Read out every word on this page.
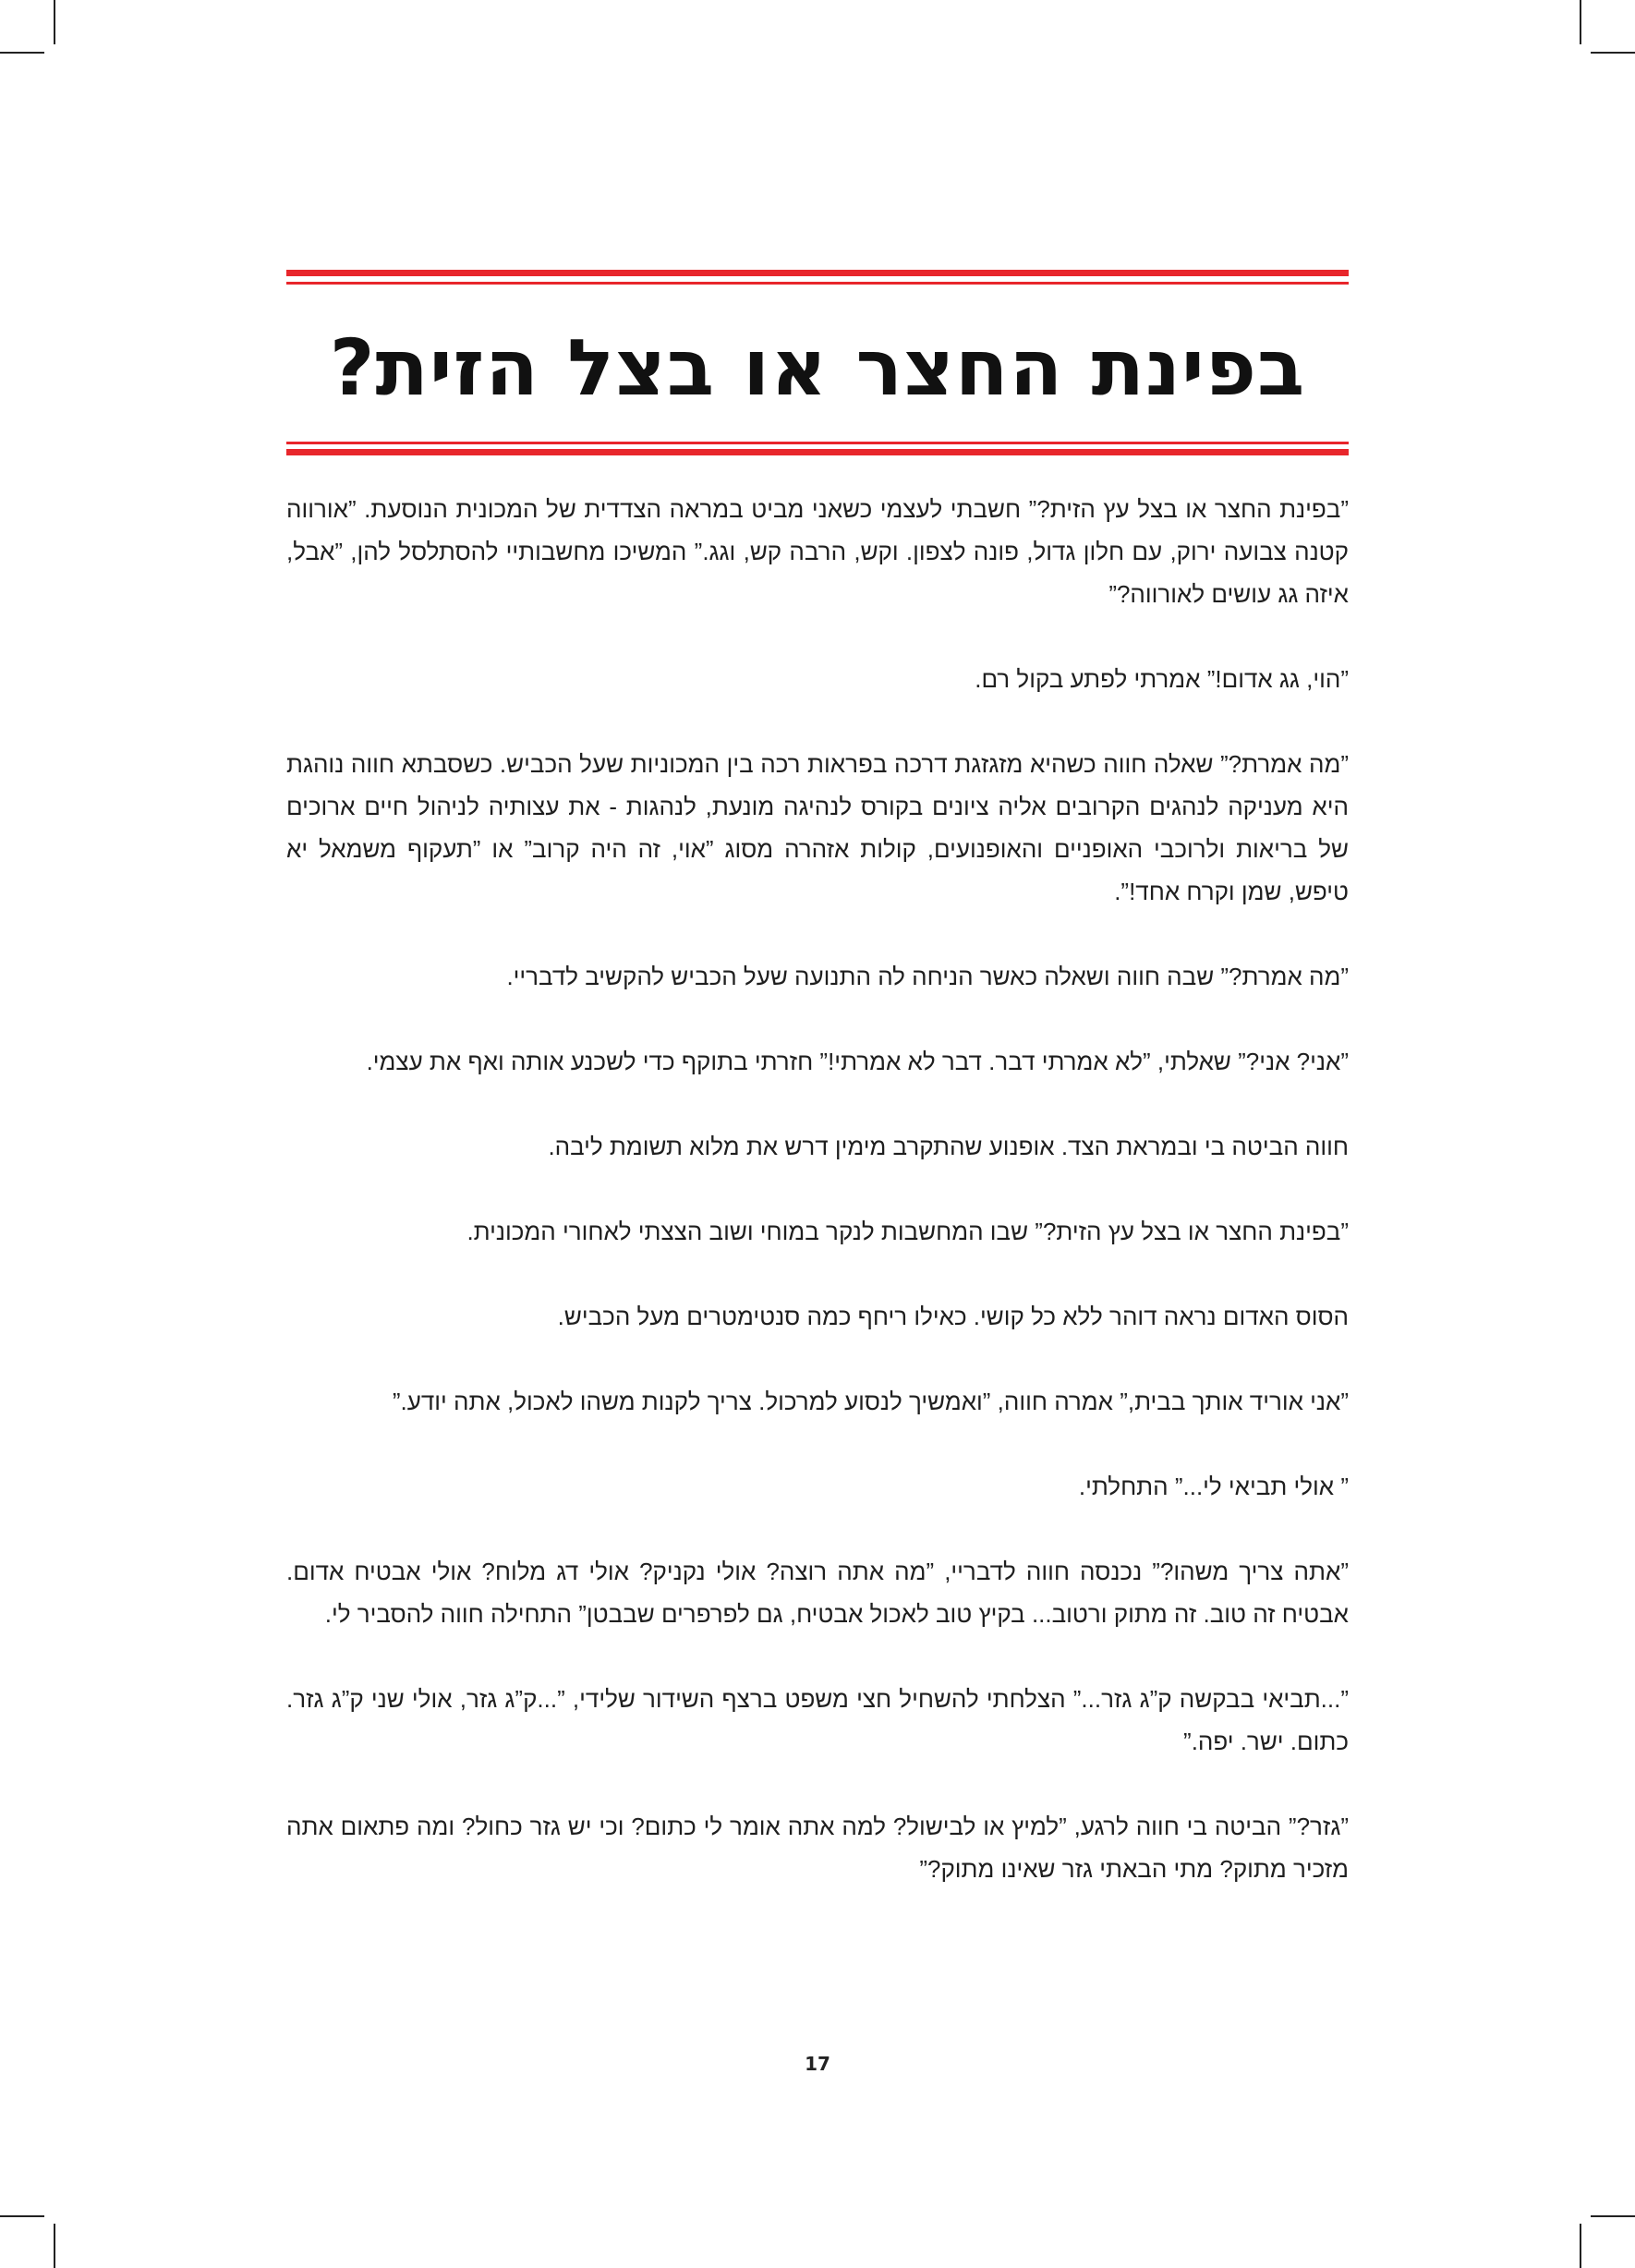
בפינת החצר או בצל הזית?

”בפינת החצר או בצל עץ הזית?” חשבתי לעצמי כשאני מביט במראה הצדדית של המכונית הנוסעת. ”אורווה קטנה צבועה ירוק, עם חלון גדול, פונה לצפון. וקש, הרבה קש, וגג.” המשיכו מחשבותיי להסתלסל להן, ”אבל, איזה גג עושים לאורווה?”

”הוי, גג אדום!” אמרתי לפתע בקול רם.

”מה אמרת?” שאלה חווה כשהיא מזגזגת דרכה בפראות רכה בין המכוניות שעל הכביש. כשסבתא חווה נוהגת היא מעניקה לנהגים הקרובים אליה ציונים בקורס לנהיגה מונעת, לנהגות - את עצותיה לניהול חיים ארוכים של בריאות ולרוכבי האופניים והאופנועים, קולות אזהרה מסוג ”אוי, זה היה קרוב” או ”תעקוף משמאל יא טיפש, שמן וקרח אחד!”.

”מה אמרת?” שבה חווה ושאלה כאשר הניחה לה התנועה שעל הכביש להקשיב לדבריי.

”אני? אני?” שאלתי, ”לא אמרתי דבר. דבר לא אמרתי!” חזרתי בתוקף כדי לשכנע אותה ואף את עצמי.

חווה הביטה בי ובמראת הצד. אופנוע שהתקרב מימין דרש את מלוא תשומת ליבה.

”בפינת החצר או בצל עץ הזית?” שבו המחשבות לנקר במוחי ושוב הצצתי לאחורי המכונית.

הסוס האדום נראה דוהר ללא כל קושי. כאילו ריחף כמה סנטימטרים מעל הכביש.

”אני אוריד אותך בבית,” אמרה חווה, ”ואמשיך לנסוע למרכול. צריך לקנות משהו לאכול, אתה יודע.”

” אולי תביאי לי...” התחלתי.

”אתה צריך משהו?” נכנסה חווה לדבריי, ”מה אתה רוצה? אולי נקניק? אולי דג מלוח? אולי אבטיח אדום. אבטיח זה טוב. זה מתוק ורטוב... בקיץ טוב לאכול אבטיח, גם לפרפרים שבבטן” התחילה חווה להסביר לי.

”...תביאי בבקשה ק”ג גזר...” הצלחתי להשחיל חצי משפט ברצף השידור שלידי, ”...ק”ג גזר, אולי שני ק”ג גזר. כתום. ישר. יפה.”

”גזר?” הביטה בי חווה לרגע, ”למיץ או לבישול? למה אתה אומר לי כתום? וכי יש גזר כחול? ומה פתאום אתה מזכיר מתוק? מתי הבאתי גזר שאינו מתוק?”

17
